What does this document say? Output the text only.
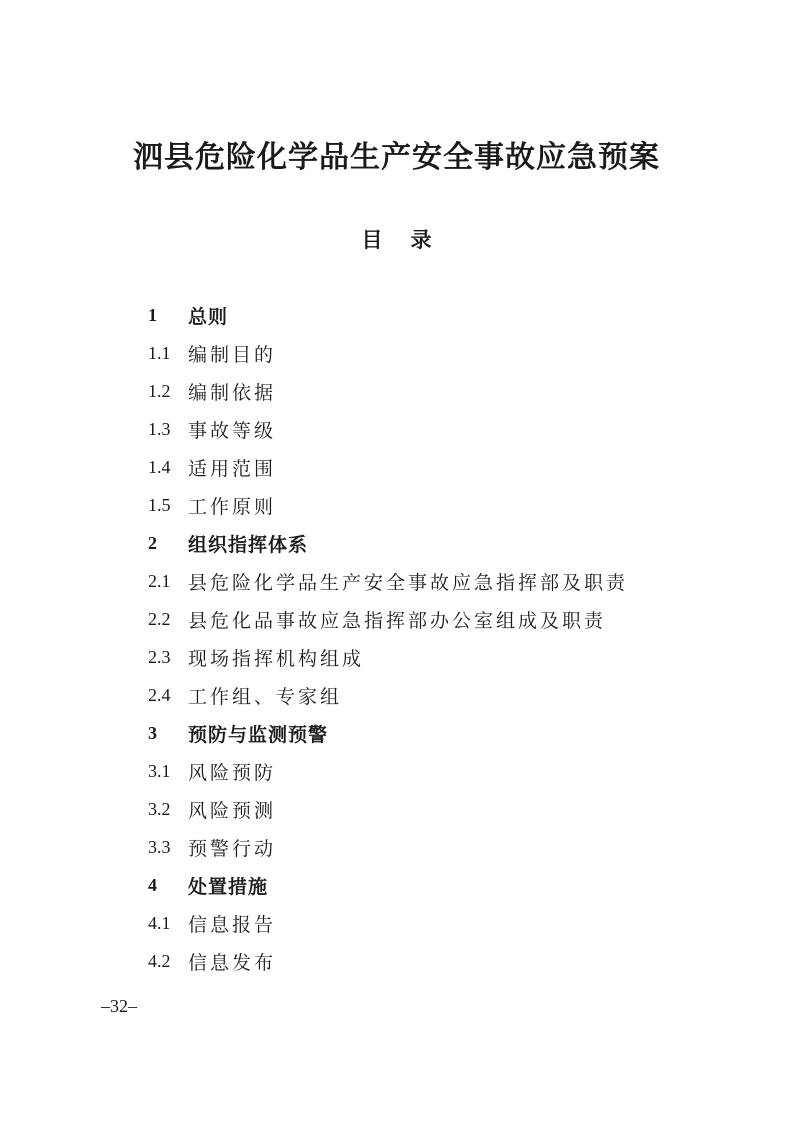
泗县危险化学品生产安全事故应急预案
目录
1	总则
1.1 编制目的
1.2 编制依据
1.3 事故等级
1.4 适用范围
1.5 工作原则
2	组织指挥体系
2.1 县危险化学品生产安全事故应急指挥部及职责
2.2 县危化品事故应急指挥部办公室组成及职责
2.3 现场指挥机构组成
2.4 工作组、专家组
3	预防与监测预警
3.1 风险预防
3.2 风险预测
3.3 预警行动
4	处置措施
4.1 信息报告
4.2 信息发布
–32–
